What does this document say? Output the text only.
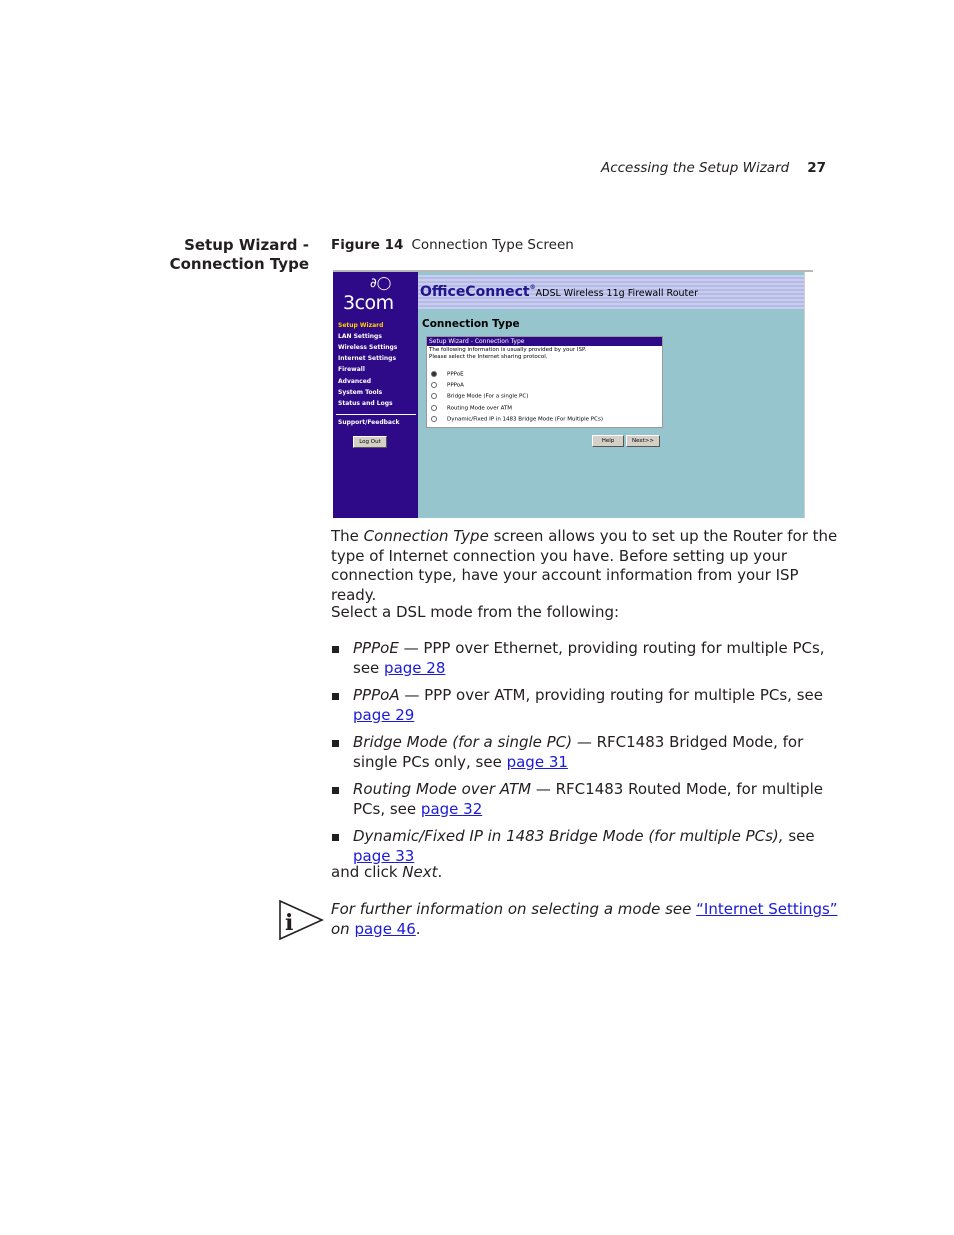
Accessing the Setup Wizard 27
Setup Wizard -
Connection Type
Figure 14 Connection Type Screen
∂◯
3com
Setup Wizard
LAN Settings
Wireless Settings
Internet Settings
Firewall
Advanced
System Tools
Status and Logs
Support/Feedback
Log Out
OfficeConnect®ADSL Wireless 11g Firewall Router
Connection Type
Setup Wizard - Connection Type
The following information is usually provided by your ISP.
Please select the Internet sharing protocol.
PPPoE
PPPoA
Bridge Mode (For a single PC)
Routing Mode over ATM
Dynamic/Fixed IP in 1483 Bridge Mode (For Multiple PCs)
Help	Next>>
The Connection Type screen allows you to set up the Router for the type of Internet connection you have. Before setting up your connection type, have your account information from your ISP ready.
Select a DSL mode from the following:
PPPoE — PPP over Ethernet, providing routing for multiple PCs, see page 28
PPPoA — PPP over ATM, providing routing for multiple PCs, see page 29
Bridge Mode (for a single PC) — RFC1483 Bridged Mode, for single PCs only, see page 31
Routing Mode over ATM — RFC1483 Routed Mode, for multiple PCs, see page 32
Dynamic/Fixed IP in 1483 Bridge Mode (for multiple PCs), see page 33
and click Next.
i
For further information on selecting a mode see “Internet Settings” on page 46.
